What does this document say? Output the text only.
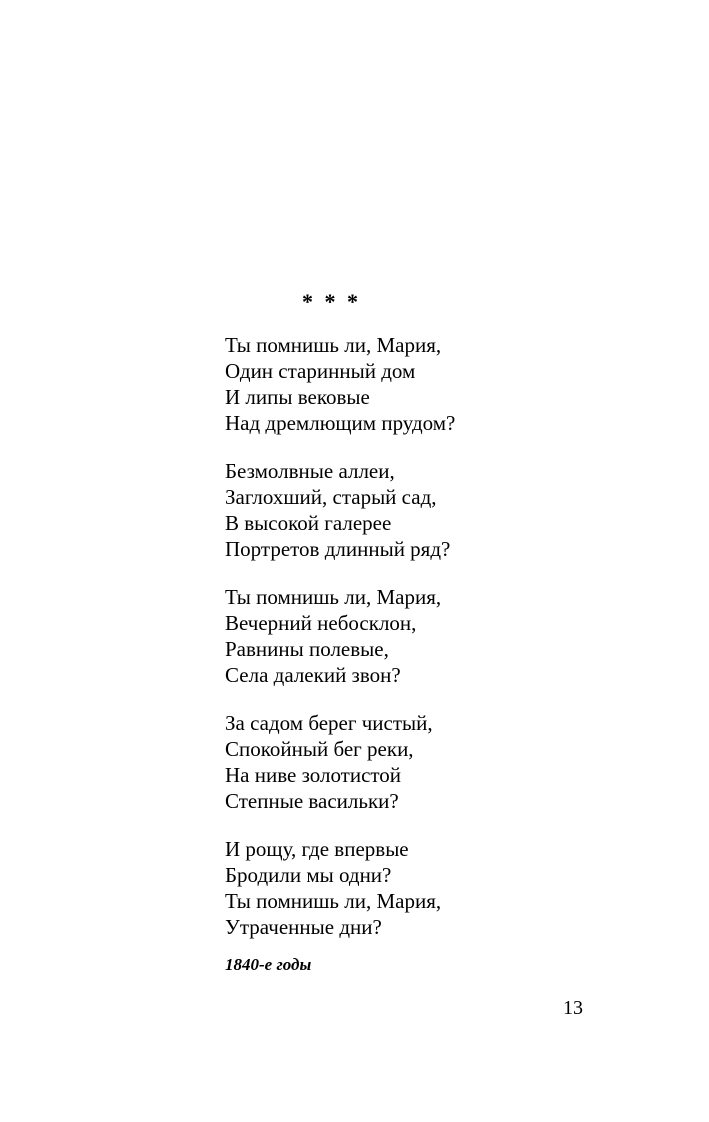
* * *
Ты помнишь ли, Мария,
Один старинный дом
И липы вековые
Над дремлющим прудом?
Безмолвные аллеи,
Заглохший, старый сад,
В высокой галерее
Портретов длинный ряд?
Ты помнишь ли, Мария,
Вечерний небосклон,
Равнины полевые,
Села далекий звон?
За садом берег чистый,
Спокойный бег реки,
На ниве золотистой
Степные васильки?
И рощу, где впервые
Бродили мы одни?
Ты помнишь ли, Мария,
Утраченные дни?
1840-е годы
13
